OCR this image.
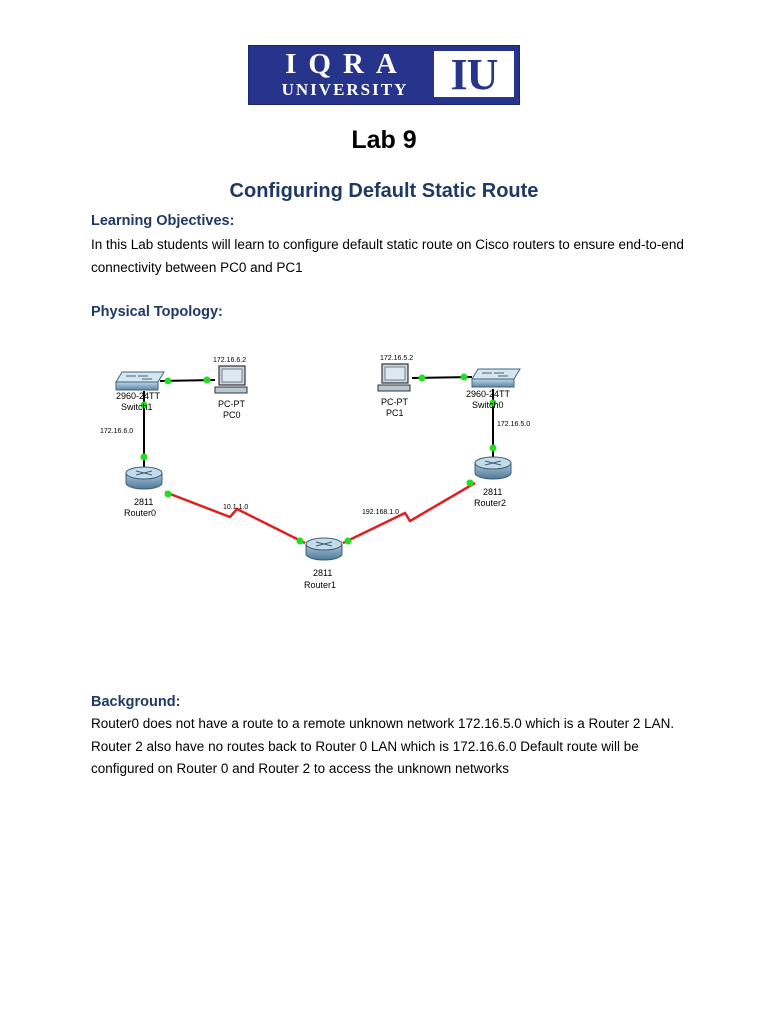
IQRA
UNIVERSITY IU
Lab 9
Configuring Default Static Route
Learning Objectives:
In this Lab students will learn to configure default static route on Cisco routers to ensure end-to-end connectivity between PC0 and PC1
Physical Topology:
2960-24TT
Switch1
172.16.6.2
PC-PT
PC0
172.16.6.0
2811
Router0
10.1.1.0
2811
Router1
192.168.1.0
172.16.5.2
PC-PT
PC1
2960-24TT
Switch0
172.16.5.0
2811
Router2
Background:
Router0 does not have a route to a remote unknown network 172.16.5.0 which is a Router 2 LAN. Router 2 also have no routes back to Router 0 LAN which is 172.16.6.0 Default route will be configured on Router 0 and Router 2 to access the unknown networks
